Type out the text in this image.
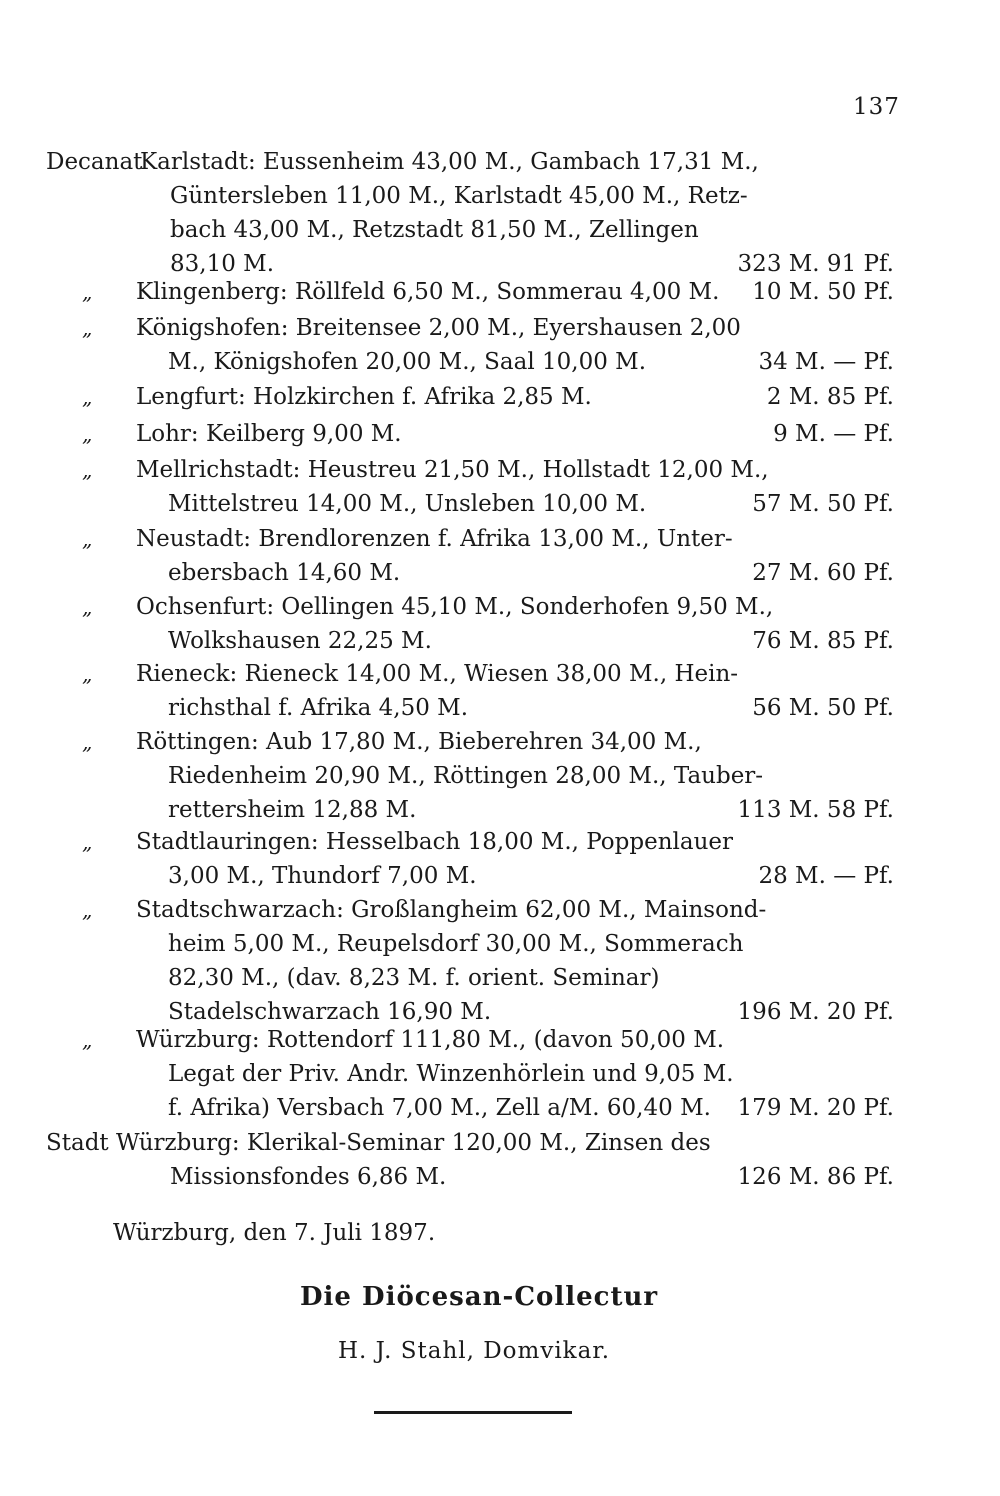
137
Decanat
Karlstadt: Eussenheim 43,00 M., Gambach 17,31 M.,
Güntersleben 11,00 M., Karlstadt 45,00 M., Retz-
bach 43,00 M., Retzstadt 81,50 M., Zellingen
83,10 M.	323 M. 91 Pf.
„ Klingenberg: Röllfeld 6,50 M., Sommerau 4,00 M.	10 M. 50 Pf.
„ Königshofen: Breitensee 2,00 M., Eyershausen 2,00
M., Königshofen 20,00 M., Saal 10,00 M.	34 M. — Pf.
„ Lengfurt: Holzkirchen f. Afrika 2,85 M.	2 M. 85 Pf.
„ Lohr: Keilberg 9,00 M.	9 M. — Pf.
„ Mellrichstadt: Heustreu 21,50 M., Hollstadt 12,00 M.,
Mittelstreu 14,00 M., Unsleben 10,00 M.	57 M. 50 Pf.
„ Neustadt: Brendlorenzen f. Afrika 13,00 M., Unter-
ebersbach 14,60 M.	27 M. 60 Pf.
„ Ochsenfurt: Oellingen 45,10 M., Sonderhofen 9,50 M.,
Wolkshausen 22,25 M.	76 M. 85 Pf.
„ Rieneck: Rieneck 14,00 M., Wiesen 38,00 M., Hein-
richsthal f. Afrika 4,50 M.	56 M. 50 Pf.
„ Röttingen: Aub 17,80 M., Bieberehren 34,00 M.,
Riedenheim 20,90 M., Röttingen 28,00 M., Tauber-
rettersheim 12,88 M.	113 M. 58 Pf.
„ Stadtlauringen: Hesselbach 18,00 M., Poppenlauer
3,00 M., Thundorf 7,00 M.	28 M. — Pf.
„ Stadtschwarzach: Großlangheim 62,00 M., Mainsond-
heim 5,00 M., Reupelsdorf 30,00 M., Sommerach
82,30 M., (dav. 8,23 M. f. orient. Seminar)
Stadelschwarzach 16,90 M.	196 M. 20 Pf.
„ Würzburg: Rottendorf 111,80 M., (davon 50,00 M.
Legat der Priv. Andr. Winzenhörlein und 9,05 M.
f. Afrika) Versbach 7,00 M., Zell a/M. 60,40 M.	179 M. 20 Pf.
Stadt Würzburg: Klerikal-Seminar 120,00 M., Zinsen des
Missionsfondes 6,86 M.	126 M. 86 Pf.
Würzburg, den 7. Juli 1897.
Die Diöcesan-Collectur
H. J. Stahl, Domvikar.
